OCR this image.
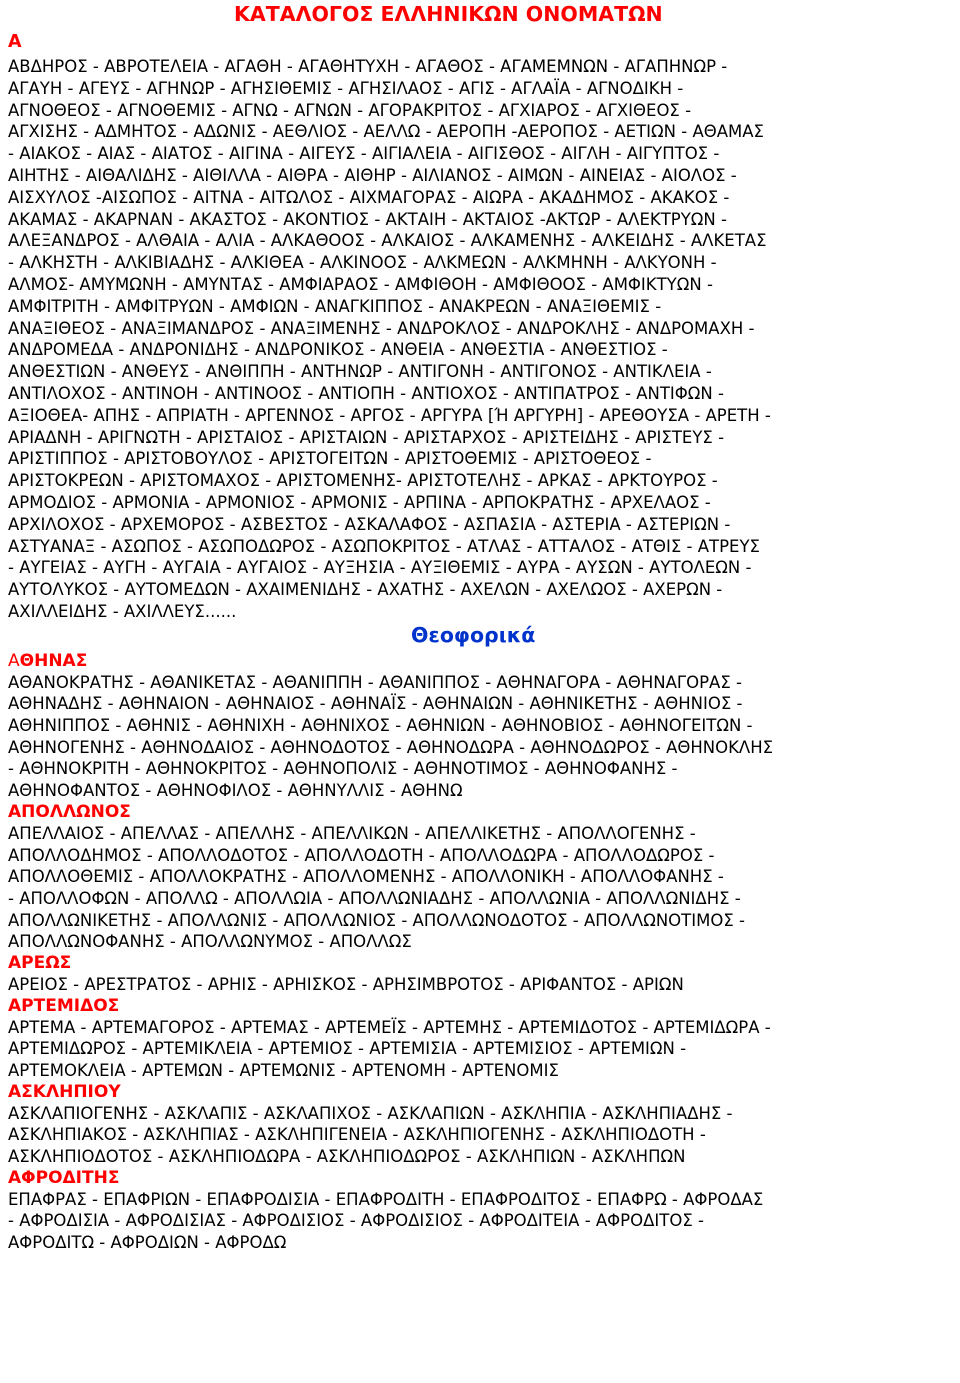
ΚΑΤΑΛΟΓΟΣ ΕΛΛΗΝΙΚΩΝ ΟΝΟΜΑΤΩΝ
Α
ΑΒΔΗΡΟΣ - ΑΒΡΟΤΕΛΕΙΑ - ΑΓΑΘΗ - ΑΓΑΘΗΤΥΧΗ - ΑΓΑΘΟΣ - ΑΓΑΜΕΜΝΩΝ - ΑΓΑΠΗΝΩΡ -
ΑΓΑΥΗ - ΑΓΕΥΣ - ΑΓΗΝΩΡ - ΑΓΗΣΙΘΕΜΙΣ - ΑΓΗΣΙΛΑΟΣ - ΑΓΙΣ - ΑΓΛΑΪΑ - ΑΓΝΟΔΙΚΗ -
ΑΓΝΟΘΕΟΣ - ΑΓΝΟΘΕΜΙΣ - ΑΓΝΩ - ΑΓΝΩΝ - ΑΓΟΡΑΚΡΙΤΟΣ - ΑΓΧΙΑΡΟΣ - ΑΓΧΙΘΕΟΣ -
ΑΓΧΙΣΗΣ - ΑΔΜΗΤΟΣ - ΑΔΩΝΙΣ - ΑΕΘΛΙΟΣ - ΑΕΛΛΩ - ΑΕΡΟΠΗ -ΑΕΡΟΠΟΣ - ΑΕΤΙΩΝ - ΑΘΑΜΑΣ
- ΑΙΑΚΟΣ - ΑΙΑΣ - ΑΙΑΤΟΣ - ΑΙΓΙΝΑ - ΑΙΓΕΥΣ - ΑΙΓΙΑΛΕΙΑ - ΑΙΓΙΣΘΟΣ - ΑΙΓΛΗ - ΑΙΓΥΠΤΟΣ -
ΑΙΗΤΗΣ - ΑΙΘΑΛΙΔΗΣ - ΑΙΘΙΛΛΑ - ΑΙΘΡΑ - ΑΙΘΗΡ - ΑΙΛΙΑΝΟΣ - ΑΙΜΩΝ - ΑΙΝΕΙΑΣ - ΑΙΟΛΟΣ -
ΑΙΣΧΥΛΟΣ -ΑΙΣΩΠΟΣ - ΑΙΤΝΑ - ΑΙΤΩΛΟΣ - ΑΙΧΜΑΓΟΡΑΣ - ΑΙΩΡΑ - ΑΚΑΔΗΜΟΣ - ΑΚΑΚΟΣ -
ΑΚΑΜΑΣ - ΑΚΑΡΝΑΝ - ΑΚΑΣΤΟΣ - ΑΚΟΝΤΙΟΣ - ΑΚΤΑΙΗ - ΑΚΤΑΙΟΣ -ΑΚΤΩΡ - ΑΛΕΚΤΡΥΩΝ -
ΑΛΕΞΑΝΔΡΟΣ - ΑΛΘΑΙΑ - ΑΛΙΑ - ΑΛΚΑΘΟΟΣ - ΑΛΚΑΙΟΣ - ΑΛΚΑΜΕΝΗΣ - ΑΛΚΕΙΔΗΣ - ΑΛΚΕΤΑΣ
- ΑΛΚΗΣΤΗ - ΑΛΚΙΒΙΑΔΗΣ - ΑΛΚΙΘΕΑ - ΑΛΚΙΝΟΟΣ - ΑΛΚΜΕΩΝ - ΑΛΚΜΗΝΗ - ΑΛΚΥΟΝΗ -
ΑΛΜΟΣ- ΑΜΥΜΩΝΗ - ΑΜΥΝΤΑΣ - ΑΜΦΙΑΡΑΟΣ - ΑΜΦΙΘΟΗ - ΑΜΦΙΘΟΟΣ - ΑΜΦΙΚΤΥΩΝ -
ΑΜΦΙΤΡΙΤΗ - ΑΜΦΙΤΡΥΩΝ - ΑΜΦΙΩΝ - ΑΝΑΓΚΙΠΠΟΣ - ΑΝΑΚΡΕΩΝ - ΑΝΑΞΙΘΕΜΙΣ -
ΑΝΑΞΙΘΕΟΣ - ΑΝΑΞΙΜΑΝΔΡΟΣ - ΑΝΑΞΙΜΕΝΗΣ - ΑΝΔΡΟΚΛΟΣ - ΑΝΔΡΟΚΛΗΣ - ΑΝΔΡΟΜΑΧΗ -
ΑΝΔΡΟΜΕΔΑ - ΑΝΔΡΟΝΙΔΗΣ - ΑΝΔΡΟΝΙΚΟΣ - ΑΝΘΕΙΑ - ΑΝΘΕΣΤΙΑ - ΑΝΘΕΣΤΙΟΣ -
ΑΝΘΕΣΤΙΩΝ - ΑΝΘΕΥΣ - ΑΝΘΙΠΠΗ - ΑΝΤΗΝΩΡ - ΑΝΤΙΓΟΝΗ - ΑΝΤΙΓΟΝΟΣ - ΑΝΤΙΚΛΕΙΑ -
ΑΝΤΙΛΟΧΟΣ - ΑΝΤΙΝΟΗ - ΑΝΤΙΝΟΟΣ - ΑΝΤΙΟΠΗ - ΑΝΤΙΟΧΟΣ - ΑΝΤΙΠΑΤΡΟΣ - ΑΝΤΙΦΩΝ -
ΑΞΙΟΘΕΑ- ΑΠΗΣ - ΑΠΡΙΑΤΗ - ΑΡΓΕΝΝΟΣ - ΑΡΓΟΣ - ΑΡΓΥΡΑ [Ή ΑΡΓΥΡΗ] - ΑΡΕΘΟΥΣΑ - ΑΡΕΤΗ -
ΑΡΙΑΔΝΗ - ΑΡΙΓΝΩΤΗ - ΑΡΙΣΤΑΙΟΣ - ΑΡΙΣΤΑΙΩΝ - ΑΡΙΣΤΑΡΧΟΣ - ΑΡΙΣΤΕΙΔΗΣ - ΑΡΙΣΤΕΥΣ -
ΑΡΙΣΤΙΠΠΟΣ - ΑΡΙΣΤΟΒΟΥΛΟΣ - ΑΡΙΣΤΟΓΕΙΤΩΝ - ΑΡΙΣΤΟΘΕΜΙΣ - ΑΡΙΣΤΟΘΕΟΣ -
ΑΡΙΣΤΟΚΡΕΩΝ - ΑΡΙΣΤΟΜΑΧΟΣ - ΑΡΙΣΤΟΜΕΝΗΣ- ΑΡΙΣΤΟΤΕΛΗΣ - ΑΡΚΑΣ - ΑΡΚΤΟΥΡΟΣ -
ΑΡΜΟΔΙΟΣ - ΑΡΜΟΝΙΑ - ΑΡΜΟΝΙΟΣ - ΑΡΜΟΝΙΣ - ΑΡΠΙΝΑ - ΑΡΠΟΚΡΑΤΗΣ - ΑΡΧΕΛΑΟΣ -
ΑΡΧΙΛΟΧΟΣ - ΑΡΧΕΜΟΡΟΣ - ΑΣΒΕΣΤΟΣ - ΑΣΚΑΛΑΦΟΣ - ΑΣΠΑΣΙΑ - ΑΣΤΕΡΙΑ - ΑΣΤΕΡΙΩΝ -
ΑΣΤΥΑΝΑΞ - ΑΣΩΠΟΣ - ΑΣΩΠΟΔΩΡΟΣ - ΑΣΩΠΟΚΡΙΤΟΣ - ΑΤΛΑΣ - ΑΤΤΑΛΟΣ - ΑΤΘΙΣ - ΑΤΡΕΥΣ
- ΑΥΓΕΙΑΣ - ΑΥΓΗ - ΑΥΓΑΙΑ - ΑΥΓΑΙΟΣ - ΑΥΞΗΣΙΑ - ΑΥΞΙΘΕΜΙΣ - ΑΥΡΑ - ΑΥΣΩΝ - ΑΥΤΟΛΕΩΝ -
ΑΥΤΟΛΥΚΟΣ - ΑΥΤΟΜΕΔΩΝ - ΑΧΑΙΜΕΝΙΔΗΣ - ΑΧΑΤΗΣ - ΑΧΕΛΩΝ - ΑΧΕΛΩΟΣ - ΑΧΕΡΩΝ -
ΑΧΙΛΛΕΙΔΗΣ - ΑΧΙΛΛΕΥΣ......
Θεοφορικά
ΑΘΗΝΑΣ
ΑΘΑΝΟΚΡΑΤΗΣ - ΑΘΑΝΙΚΕΤΑΣ - ΑΘΑΝΙΠΠΗ - ΑΘΑΝΙΠΠΟΣ - ΑΘΗΝΑΓΟΡΑ - ΑΘΗΝΑΓΟΡΑΣ -
ΑΘΗΝΑΔΗΣ - ΑΘΗΝΑΙΟΝ - ΑΘΗΝΑΙΟΣ - ΑΘΗΝΑΪΣ - ΑΘΗΝΑΙΩΝ - ΑΘΗΝΙΚΕΤΗΣ - ΑΘΗΝΙΟΣ -
ΑΘΗΝΙΠΠΟΣ - ΑΘΗΝΙΣ - ΑΘΗΝΙΧΗ - ΑΘΗΝΙΧΟΣ - ΑΘΗΝΙΩΝ - ΑΘΗΝΟΒΙΟΣ - ΑΘΗΝΟΓΕΙΤΩΝ -
ΑΘΗΝΟΓΕΝΗΣ - ΑΘΗΝΟΔΑΙΟΣ - ΑΘΗΝΟΔΟΤΟΣ - ΑΘΗΝΟΔΩΡΑ - ΑΘΗΝΟΔΩΡΟΣ - ΑΘΗΝΟΚΛΗΣ
- ΑΘΗΝΟΚΡΙΤΗ - ΑΘΗΝΟΚΡΙΤΟΣ - ΑΘΗΝΟΠΟΛΙΣ - ΑΘΗΝΟΤΙΜΟΣ - ΑΘΗΝΟΦΑΝΗΣ -
ΑΘΗΝΟΦΑΝΤΟΣ - ΑΘΗΝΟΦΙΛΟΣ - ΑΘΗΝΥΛΛΙΣ - ΑΘΗΝΩ
ΑΠΟΛΛΩΝΟΣ
ΑΠΕΛΛΑΙΟΣ - ΑΠΕΛΛΑΣ - ΑΠΕΛΛΗΣ - ΑΠΕΛΛΙΚΩΝ - ΑΠΕΛΛΙΚΕΤΗΣ - ΑΠΟΛΛΟΓΕΝΗΣ -
ΑΠΟΛΛΟΔΗΜΟΣ - ΑΠΟΛΛΟΔΟΤΟΣ - ΑΠΟΛΛΟΔΟΤΗ - ΑΠΟΛΛΟΔΩΡΑ - ΑΠΟΛΛΟΔΩΡΟΣ -
ΑΠΟΛΛΟΘΕΜΙΣ - ΑΠΟΛΛΟΚΡΑΤΗΣ - ΑΠΟΛΛΟΜΕΝΗΣ - ΑΠΟΛΛΟΝΙΚΗ - ΑΠΟΛΛΟΦΑΝΗΣ -
- ΑΠΟΛΛΟΦΩΝ - ΑΠΟΛΛΩ - ΑΠΟΛΛΩΙΑ - ΑΠΟΛΛΩΝΙΑΔΗΣ - ΑΠΟΛΛΩΝΙΑ - ΑΠΟΛΛΩΝΙΔΗΣ -
ΑΠΟΛΛΩΝΙΚΕΤΗΣ - ΑΠΟΛΛΩΝΙΣ - ΑΠΟΛΛΩΝΙΟΣ - ΑΠΟΛΛΩΝΟΔΟΤΟΣ - ΑΠΟΛΛΩΝΟΤΙΜΟΣ -
ΑΠΟΛΛΩΝΟΦΑΝΗΣ - ΑΠΟΛΛΩΝΥΜΟΣ - ΑΠΟΛΛΩΣ
ΑΡΕΩΣ
ΑΡΕΙΟΣ - ΑΡΕΣΤΡΑΤΟΣ - ΑΡΗΙΣ - ΑΡΗΙΣΚΟΣ - ΑΡΗΣΙΜΒΡΟΤΟΣ - ΑΡΙΦΑΝΤΟΣ - ΑΡΙΩΝ
ΑΡΤΕΜΙΔΟΣ
ΑΡΤΕΜΑ - ΑΡΤΕΜΑΓΟΡΟΣ - ΑΡΤΕΜΑΣ - ΑΡΤΕΜΕΪΣ - ΑΡΤΕΜΗΣ - ΑΡΤΕΜΙΔΟΤΟΣ - ΑΡΤΕΜΙΔΩΡΑ -
ΑΡΤΕΜΙΔΩΡΟΣ - ΑΡΤΕΜΙΚΛΕΙΑ - ΑΡΤΕΜΙΟΣ - ΑΡΤΕΜΙΣΙΑ - ΑΡΤΕΜΙΣΙΟΣ - ΑΡΤΕΜΙΩΝ -
ΑΡΤΕΜΟΚΛΕΙΑ - ΑΡΤΕΜΩΝ - ΑΡΤΕΜΩΝΙΣ - ΑΡΤΕΝΟΜΗ - ΑΡΤΕΝΟΜΙΣ
ΑΣΚΛΗΠΙΟΥ
ΑΣΚΛΑΠΙΟΓΕΝΗΣ - ΑΣΚΛΑΠΙΣ - ΑΣΚΛΑΠΙΧΟΣ - ΑΣΚΛΑΠΙΩΝ - ΑΣΚΛΗΠΙΑ - ΑΣΚΛΗΠΙΑΔΗΣ -
ΑΣΚΛΗΠΙΑΚΟΣ - ΑΣΚΛΗΠΙΑΣ - ΑΣΚΛΗΠΙΓΕΝΕΙΑ - ΑΣΚΛΗΠΙΟΓΕΝΗΣ - ΑΣΚΛΗΠΙΟΔΟΤΗ -
ΑΣΚΛΗΠΙΟΔΟΤΟΣ - ΑΣΚΛΗΠΙΟΔΩΡΑ - ΑΣΚΛΗΠΙΟΔΩΡΟΣ - ΑΣΚΛΗΠΙΩΝ - ΑΣΚΛΗΠΩΝ
ΑΦΡΟΔΙΤΗΣ
ΕΠΑΦΡΑΣ - ΕΠΑΦΡΙΩΝ - ΕΠΑΦΡΟΔΙΣΙΑ - ΕΠΑΦΡΟΔΙΤΗ - ΕΠΑΦΡΟΔΙΤΟΣ - ΕΠΑΦΡΩ - ΑΦΡΟΔΑΣ
- ΑΦΡΟΔΙΣΙΑ - ΑΦΡΟΔΙΣΙΑΣ - ΑΦΡΟΔΙΣΙΟΣ - ΑΦΡΟΔΙΣΙΟΣ - ΑΦΡΟΔΙΤΕΙΑ - ΑΦΡΟΔΙΤΟΣ -
ΑΦΡΟΔΙΤΩ - ΑΦΡΟΔΙΩΝ - ΑΦΡΟΔΩ
